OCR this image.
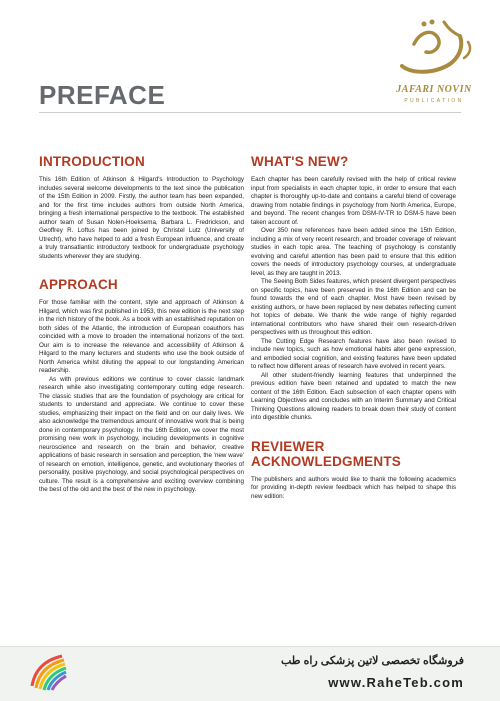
JAFARI NOVIN
PUBLICATION
PREFACE
INTRODUCTION

This 16th Edition of Atkinson & Hilgard's Introduction to Psychology includes several welcome developments to the text since the publication of the 15th Edition in 2009. Firstly, the author team has been expanded, and for the first time includes authors from outside North America, bringing a fresh international perspective to the textbook. The established author team of Susan Nolen-Hoeksema, Barbara L. Fredrickson, and Geoffrey R. Loftus has been joined by Christel Lutz (University of Utrecht), who have helped to add a fresh European influence, and create a truly transatlantic introductory textbook for undergraduate psychology students wherever they are studying.

APPROACH

For those familiar with the content, style and approach of Atkinson & Hilgard, which was first published in 1953, this new edition is the next step in the rich history of the book. As a book with an established reputation on both sides of the Atlantic, the introduction of European coauthors has coincided with a move to broaden the international horizons of the text. Our aim is to increase the relevance and accessibility of Atkinson & Hilgard to the many lecturers and students who use the book outside of North America whilst diluting the appeal to our longstanding American readership.

As with previous editions we continue to cover classic landmark research while also investigating contemporary cutting edge research. The classic studies that are the foundation of psychology are critical for students to understand and appreciate. We continue to cover these studies, emphasizing their impact on the field and on our daily lives. We also acknowledge the tremendous amount of innovative work that is being done in contemporary psychology. In the 16th Edition, we cover the most promising new work in psychology, including developments in cognitive neuroscience and research on the brain and behavior, creative applications of basic research in sensation and perception, the 'new wave' of research on emotion, intelligence, genetic, and evolutionary theories of personality, positive psychology, and social psychological perspectives on culture. The result is a comprehensive and exciting overview combining the best of the old and the best of the new in psychology.

WHAT'S NEW?

Each chapter has been carefully revised with the help of critical review input from specialists in each chapter topic, in order to ensure that each chapter is thoroughly up-to-date and contains a careful blend of coverage drawing from notable findings in psychology from North America, Europe, and beyond. The recent changes from DSM-IV-TR to DSM-5 have been taken account of.

Over 350 new references have been added since the 15th Edition, including a mix of very recent research, and broader coverage of relevant studies in each topic area. The teaching of psychology is constantly evolving and careful attention has been paid to ensure that this edition covers the needs of introductory psychology courses, at undergraduate level, as they are taught in 2013.

The Seeing Both Sides features, which present divergent perspectives on specific topics, have been preserved in the 16th Edition and can be found towards the end of each chapter. Most have been revised by existing authors, or have been replaced by new debates reflecting current hot topics of debate. We thank the wide range of highly regarded international contributors who have shared their own research-driven perspectives with us throughout this edition.

The Cutting Edge Research features have also been revised to include new topics, such as how emotional habits alter gene expression, and embodied social cognition, and existing features have been updated to reflect how different areas of research have evolved in recent years.

All other student-friendly learning features that underpinned the previous edition have been retained and updated to match the new content of the 16th Edition. Each subsection of each chapter opens with Learning Objectives and concludes with an Interim Summary and Critical Thinking Questions allowing readers to break down their study of content into digestible chunks.

REVIEWER
ACKNOWLEDGMENTS

The publishers and authors would like to thank the following academics for providing in-depth review feedback which has helped to shape this new edition:

فروشگاه تخصصی لاتین پزشکی راه طب
www.RaheTeb.com
